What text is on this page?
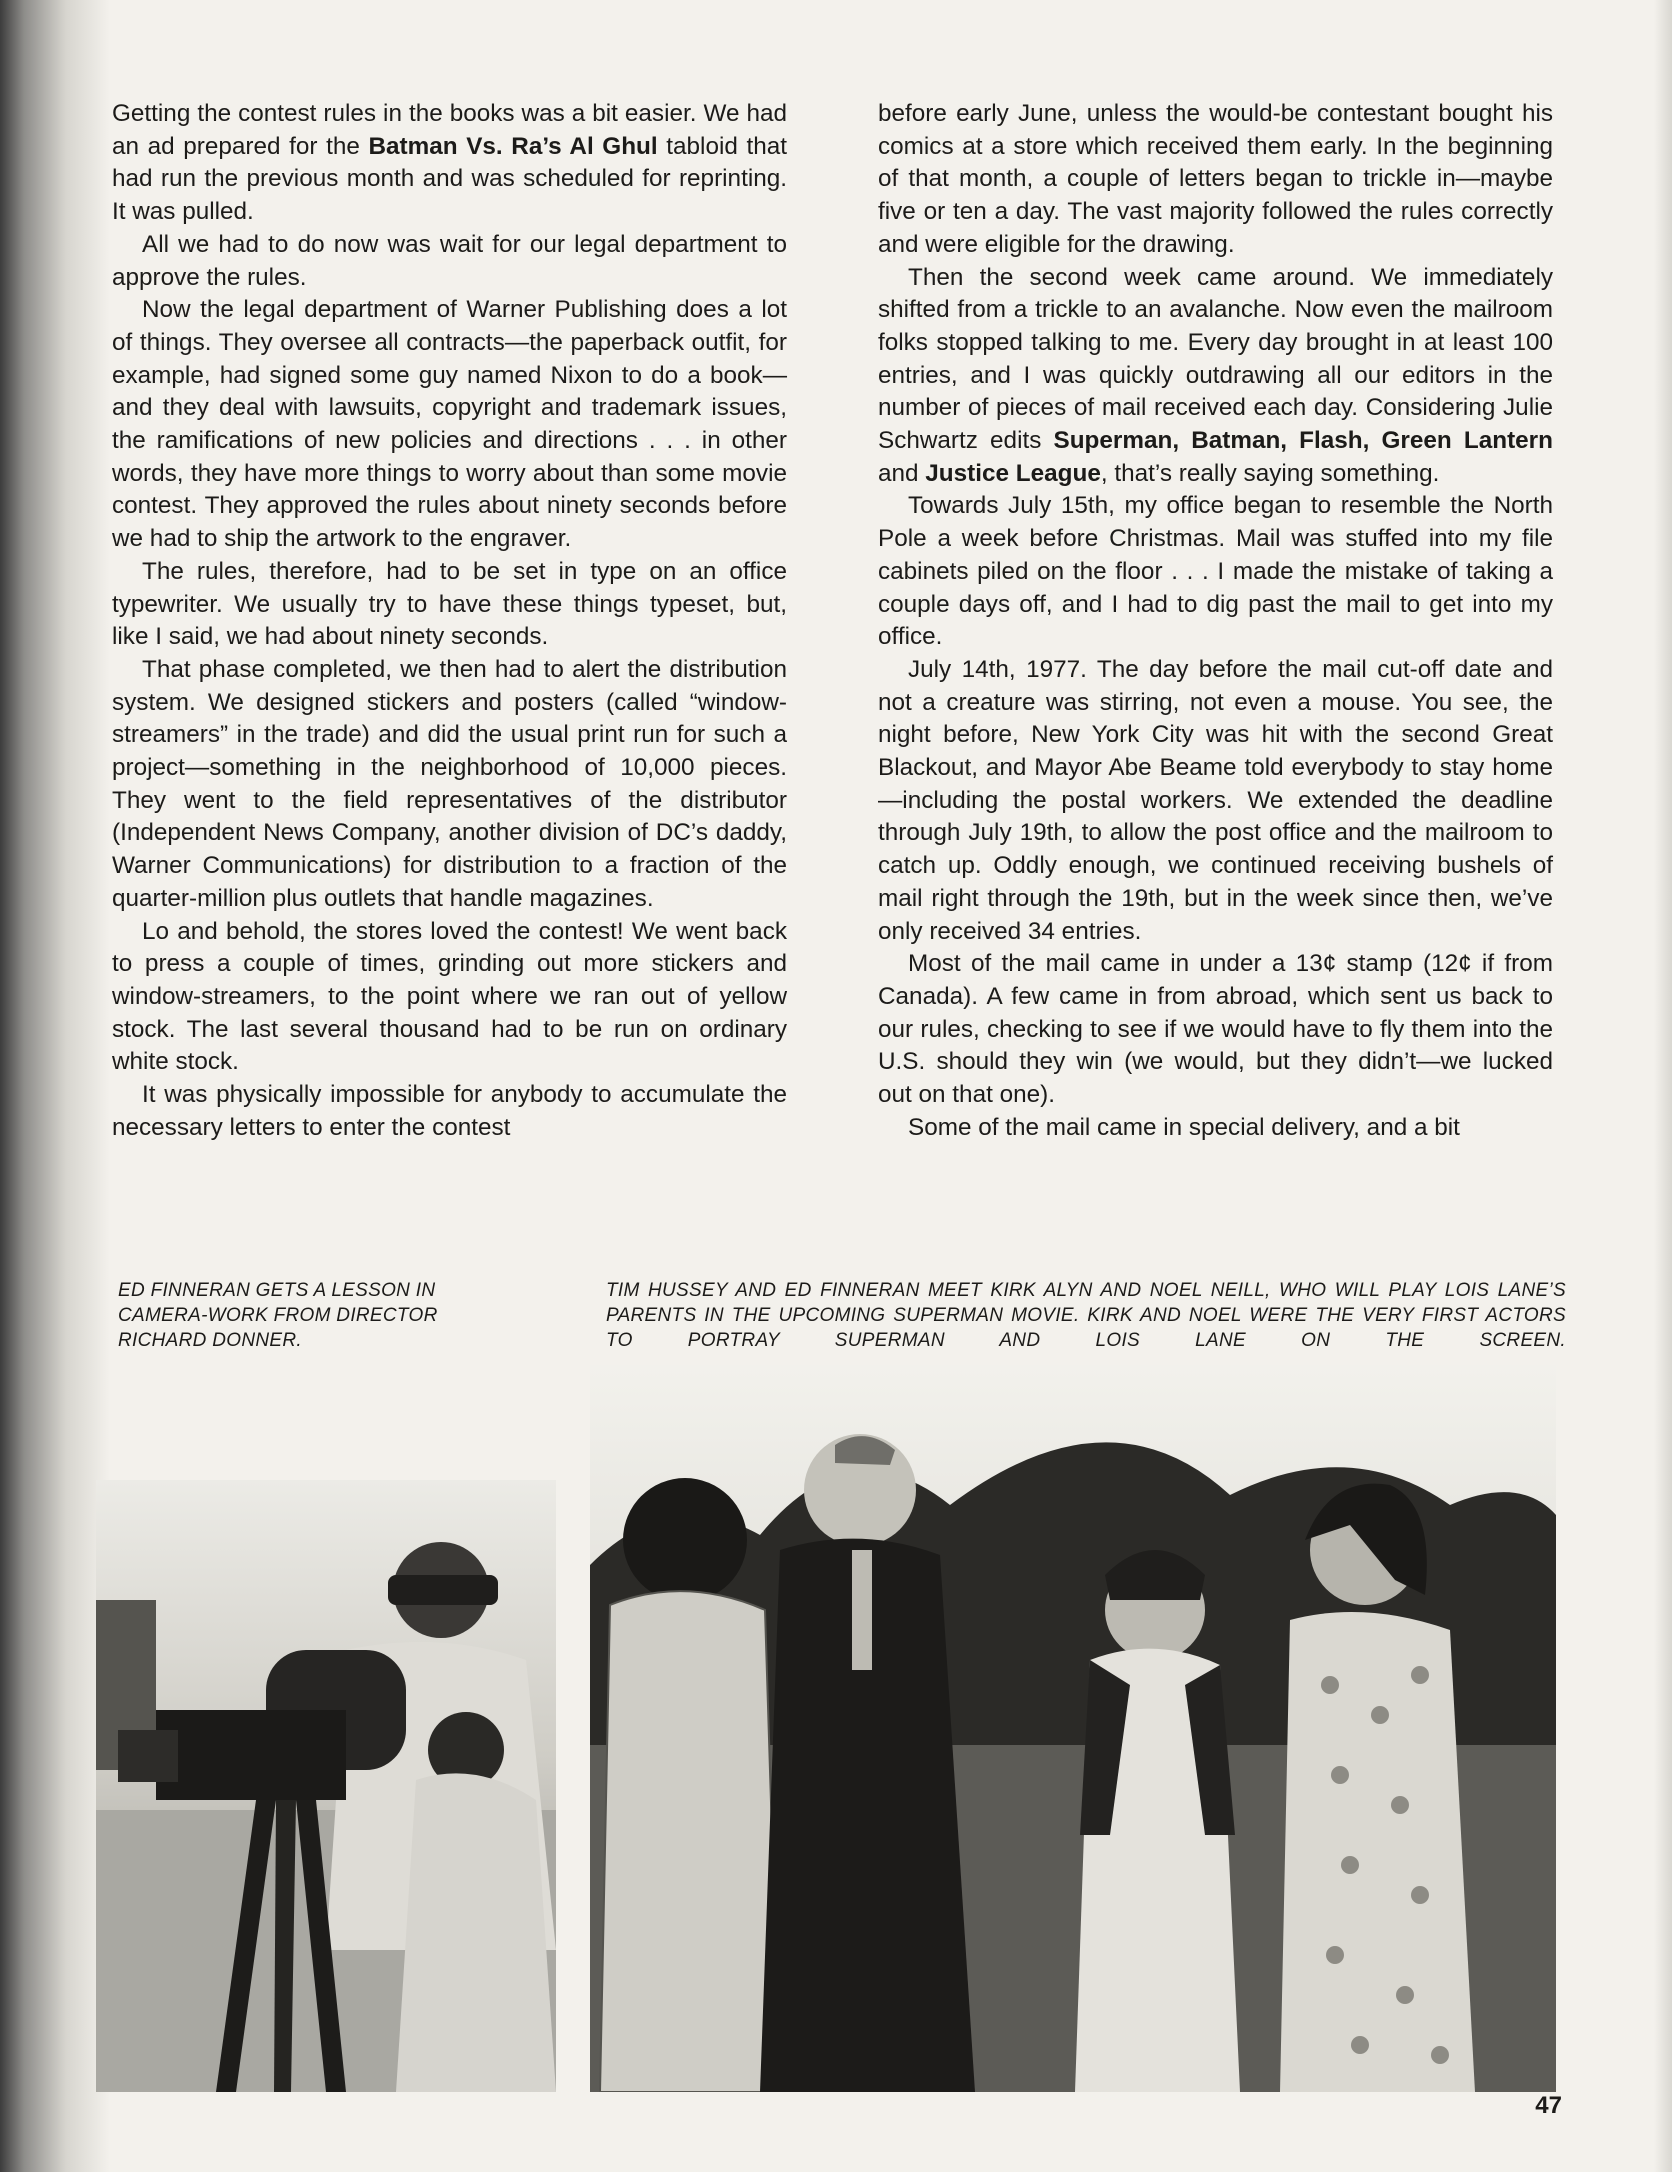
Getting the contest rules in the books was a bit easier. We had an ad prepared for the Batman Vs. Ra’s Al Ghul tabloid that had run the previous month and was scheduled for reprinting. It was pulled.

All we had to do now was wait for our legal department to approve the rules.

Now the legal department of Warner Publishing does a lot of things. They oversee all contracts—the paperback outfit, for example, had signed some guy named Nixon to do a book—and they deal with lawsuits, copyright and trademark issues, the ramifications of new policies and directions . . . in other words, they have more things to worry about than some movie contest. They approved the rules about ninety seconds before we had to ship the artwork to the engraver.

The rules, therefore, had to be set in type on an office typewriter. We usually try to have these things typeset, but, like I said, we had about ninety seconds.

That phase completed, we then had to alert the distribution system. We designed stickers and posters (called “window-streamers” in the trade) and did the usual print run for such a project—something in the neighborhood of 10,000 pieces. They went to the field representatives of the distributor (Independent News Company, another division of DC’s daddy, Warner Communications) for distribution to a fraction of the quarter-million plus outlets that handle magazines.

Lo and behold, the stores loved the contest! We went back to press a couple of times, grinding out more stickers and window-streamers, to the point where we ran out of yellow stock. The last several thousand had to be run on ordinary white stock.

It was physically impossible for anybody to accumulate the necessary letters to enter the contest

before early June, unless the would-be contestant bought his comics at a store which received them early. In the beginning of that month, a couple of letters began to trickle in—maybe five or ten a day. The vast majority followed the rules correctly and were eligible for the drawing.

Then the second week came around. We immediately shifted from a trickle to an avalanche. Now even the mailroom folks stopped talking to me. Every day brought in at least 100 entries, and I was quickly outdrawing all our editors in the number of pieces of mail received each day. Considering Julie Schwartz edits Superman, Batman, Flash, Green Lantern and Justice League, that’s really saying something.

Towards July 15th, my office began to resemble the North Pole a week before Christmas. Mail was stuffed into my file cabinets piled on the floor . . . I made the mistake of taking a couple days off, and I had to dig past the mail to get into my office.

July 14th, 1977. The day before the mail cut-off date and not a creature was stirring, not even a mouse. You see, the night before, New York City was hit with the second Great Blackout, and Mayor Abe Beame told everybody to stay home—including the postal workers. We extended the deadline through July 19th, to allow the post office and the mailroom to catch up. Oddly enough, we continued receiving bushels of mail right through the 19th, but in the week since then, we’ve only received 34 entries.

Most of the mail came in under a 13¢ stamp (12¢ if from Canada). A few came in from abroad, which sent us back to our rules, checking to see if we would have to fly them into the U.S. should they win (we would, but they didn’t—we lucked out on that one).

Some of the mail came in special delivery, and a bit

ED FINNERAN GETS A LESSON IN CAMERA-WORK FROM DIRECTOR RICHARD DONNER.
TIM HUSSEY AND ED FINNERAN MEET KIRK ALYN AND NOEL NEILL, WHO WILL PLAY LOIS LANE’S PARENTS IN THE UPCOMING SUPERMAN MOVIE. KIRK AND NOEL WERE THE VERY FIRST ACTORS TO PORTRAY SUPERMAN AND LOIS LANE ON THE SCREEN.
47
